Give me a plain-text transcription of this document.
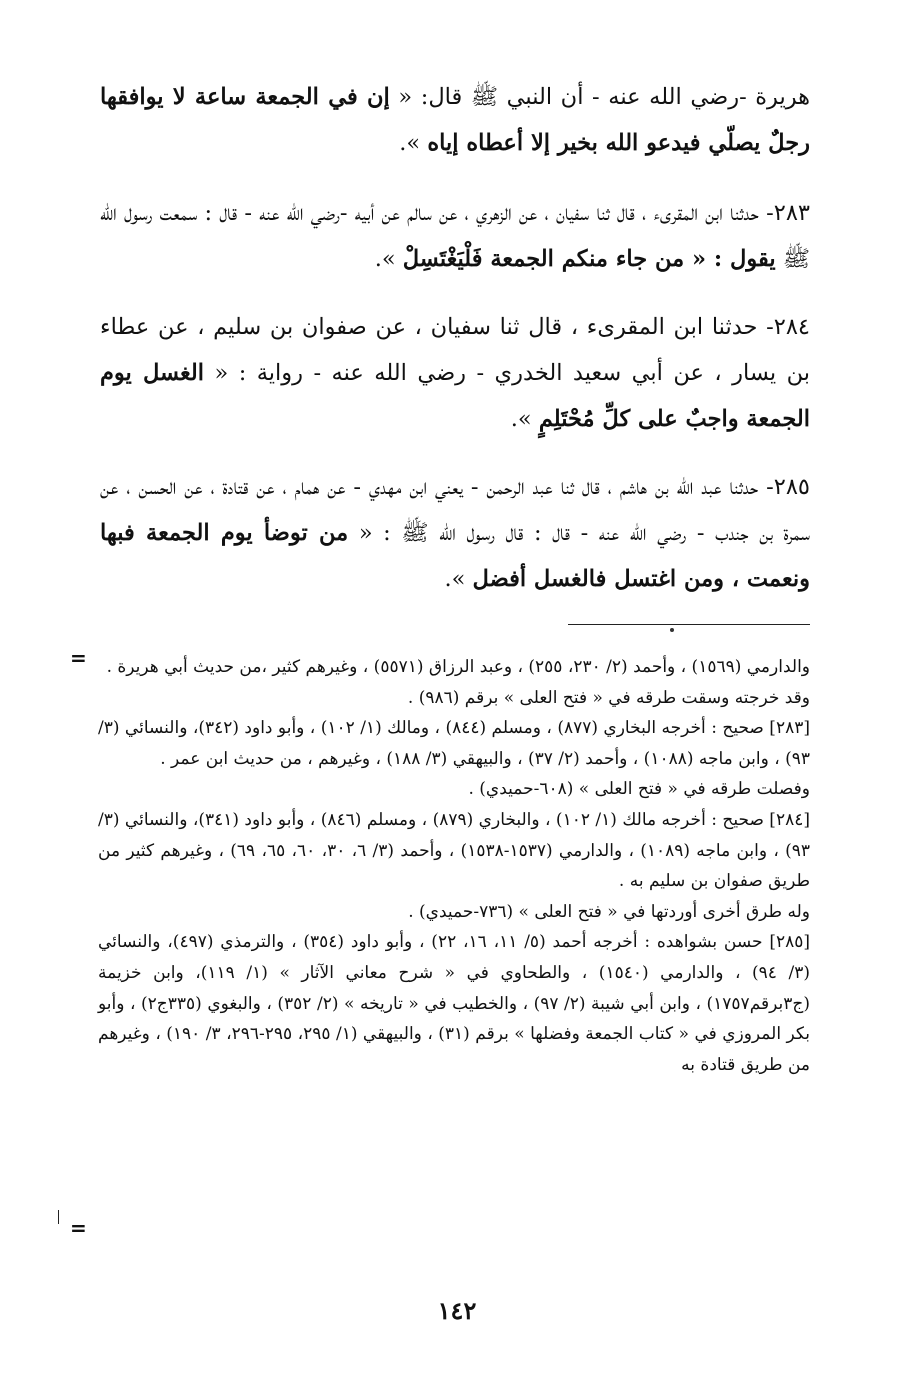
هريرة -رضي الله عنه - أن النبي ﷺ قال: « إن في الجمعة ساعة لا يوافقها رجلٌ يصلّي فيدعو الله بخير إلا أعطاه إياه ».

٢٨٣- حدثنا ابن المقرىء ، قال ثنا سفيان ، عن الزهري ، عن سالم عن أبيه -رضي الله عنه - قال : سمعت رسول الله ﷺ يقول : « من جاء منكم الجمعة فَلْيَغْتَسِلْ ».

٢٨٤- حدثنا ابن المقرىء ، قال ثنا سفيان ، عن صفوان بن سليم ، عن عطاء بن يسار ، عن أبي سعيد الخدري - رضي الله عنه - رواية : « الغسل يوم الجمعة واجبٌ على كلِّ مُحْتَلِمٍ ».

٢٨٥- حدثنا عبد الله بن هاشم ، قال ثنا عبد الرحمن - يعني ابن مهدي - عن همام ، عن قتادة ، عن الحسن ، عن سمرة بن جندب - رضي الله عنه - قال : قال رسول الله ﷺ : « من توضأ يوم الجمعة فبها ونعمت ، ومن اغتسل فالغسل أفضل ».

=	والدارمي (١٥٦٩) ، وأحمد (٢/ ٢٣٠، ٢٥٥) ، وعبد الرزاق (٥٥٧١) ، وغيرهم كثير ،من حديث أبي هريرة .

وقد خرجته وسقت طرقه في « فتح العلى » برقم (٩٨٦) .

[٢٨٣] صحيح : أخرجه البخاري (٨٧٧) ، ومسلم (٨٤٤) ، ومالك (١/ ١٠٢) ، وأبو داود (٣٤٢)، والنسائي (٣/ ٩٣) ، وابن ماجه (١٠٨٨) ، وأحمد (٢/ ٣٧) ، والبيهقي (٣/ ١٨٨) ، وغيرهم ، من حديث ابن عمر .

وفصلت طرقه في « فتح العلى » (٦٠٨-حميدي) .

[٢٨٤] صحيح : أخرجه مالك (١/ ١٠٢) ، والبخاري (٨٧٩) ، ومسلم (٨٤٦) ، وأبو داود (٣٤١)، والنسائي (٣/ ٩٣) ، وابن ماجه (١٠٨٩) ، والدارمي (١٥٣٧-١٥٣٨) ، وأحمد (٣/ ٦، ٣٠، ٦٠، ٦٥، ٦٩) ، وغيرهم كثير من طريق صفوان بن سليم به .

وله طرق أخرى أوردتها في « فتح العلى » (٧٣٦-حميدي) .

[٢٨٥] حسن بشواهده : أخرجه أحمد (٥/ ١١، ١٦، ٢٢) ، وأبو داود (٣٥٤) ، والترمذي (٤٩٧)، والنسائي (٣/ ٩٤) ، والدارمي (١٥٤٠) ، والطحاوي في « شرح معاني الآثار » (١/ ١١٩)، وابن خزيمة (ج٣برقم١٧٥٧) ، وابن أبي شيبة (٢/ ٩٧) ، والخطيب في « تاريخه » (٢/ ٣٥٢) ، والبغوي (٣٣٥ج٢) ، وأبو بكر المروزي في « كتاب الجمعة وفضلها » برقم (٣١) ، والبيهقي (١/ ٢٩٥، ٢٩٥-٢٩٦، ٣/ ١٩٠) ، وغيرهم من طريق قتادة به

=
١٤٢
